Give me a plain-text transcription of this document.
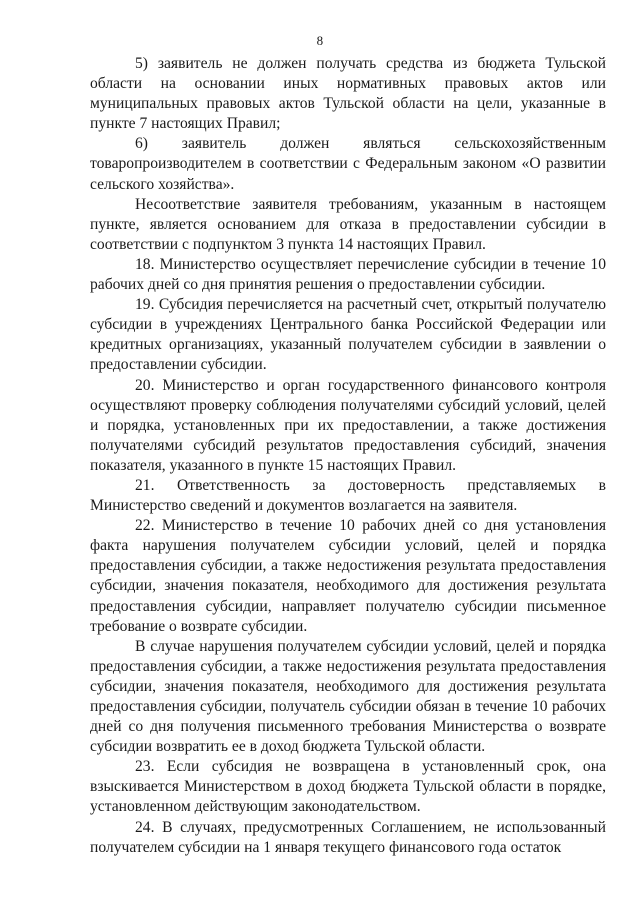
8

5) заявитель не должен получать средства из бюджета Тульской области на основании иных нормативных правовых актов или муниципальных правовых актов Тульской области на цели, указанные в пункте 7 настоящих Правил;

6) заявитель должен являться сельскохозяйственным товаропроизводителем в соответствии с Федеральным законом «О развитии сельского хозяйства».

Несоответствие заявителя требованиям, указанным в настоящем пункте, является основанием для отказа в предоставлении субсидии в соответствии с подпунктом 3 пункта 14 настоящих Правил.

18. Министерство осуществляет перечисление субсидии в течение 10 рабочих дней со дня принятия решения о предоставлении субсидии.

19. Субсидия перечисляется на расчетный счет, открытый получателю субсидии в учреждениях Центрального банка Российской Федерации или кредитных организациях, указанный получателем субсидии в заявлении о предоставлении субсидии.

20. Министерство и орган государственного финансового контроля осуществляют проверку соблюдения получателями субсидий условий, целей и порядка, установленных при их предоставлении, а также достижения получателями субсидий результатов предоставления субсидий, значения показателя, указанного в пункте 15 настоящих Правил.

21. Ответственность за достоверность представляемых в Министерство сведений и документов возлагается на заявителя.

22. Министерство в течение 10 рабочих дней со дня установления факта нарушения получателем субсидии условий, целей и порядка предоставления субсидии, а также недостижения результата предоставления субсидии, значения показателя, необходимого для достижения результата предоставления субсидии, направляет получателю субсидии письменное требование о возврате субсидии.

В случае нарушения получателем субсидии условий, целей и порядка предоставления субсидии, а также недостижения результата предоставления субсидии, значения показателя, необходимого для достижения результата предоставления субсидии, получатель субсидии обязан в течение 10 рабочих дней со дня получения письменного требования Министерства о возврате субсидии возвратить ее в доход бюджета Тульской области.

23. Если субсидия не возвращена в установленный срок, она взыскивается Министерством в доход бюджета Тульской области в порядке, установленном действующим законодательством.

24. В случаях, предусмотренных Соглашением, не использованный получателем субсидии на 1 января текущего финансового года остаток
